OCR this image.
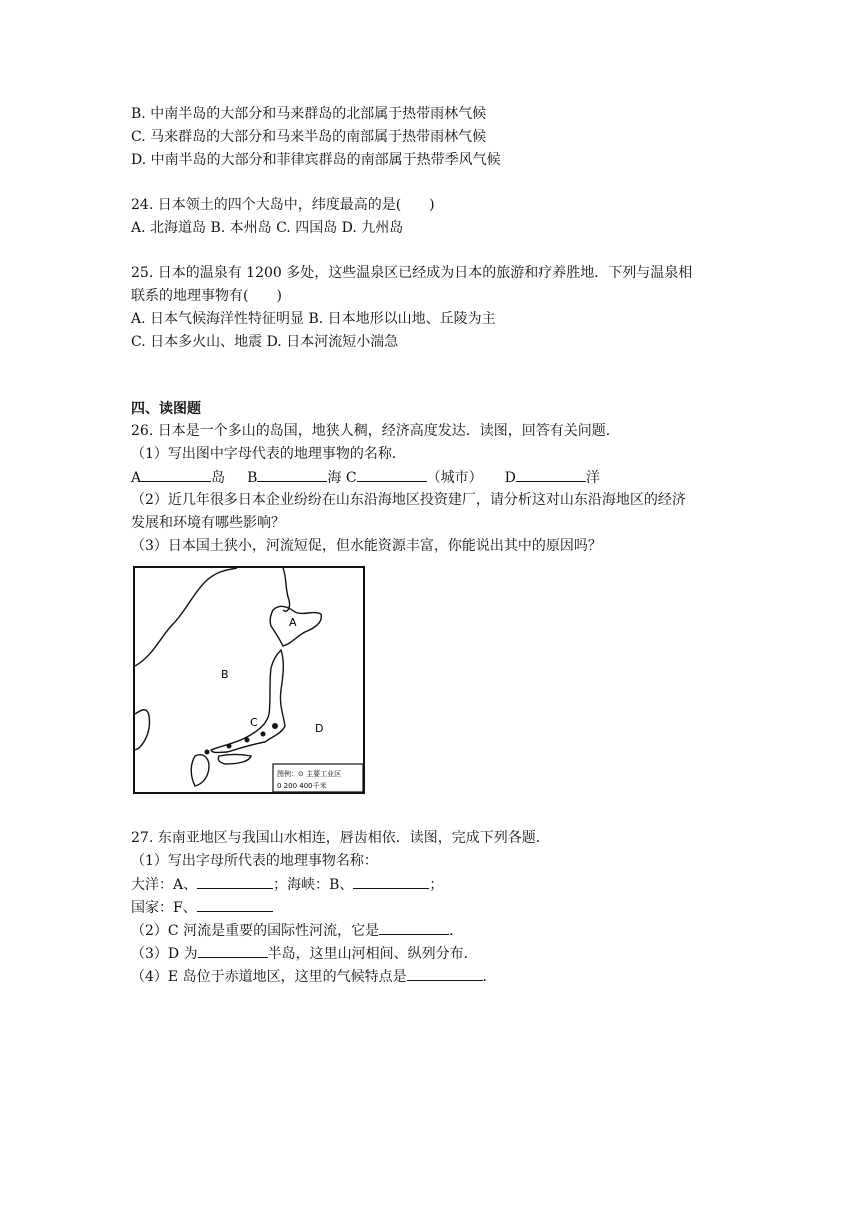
B. 中南半岛的大部分和马来群岛的北部属于热带雨林气候
C. 马来群岛的大部分和马来半岛的南部属于热带雨林气候
D. 中南半岛的大部分和菲律宾群岛的南部属于热带季风气候
24. 日本领土的四个大岛中，纬度最高的是(　　)
A. 北海道岛 B. 本州岛 C. 四国岛 D. 九州岛
25. 日本的温泉有 1200 多处，这些温泉区已经成为日本的旅游和疗养胜地．下列与温泉相
联系的地理事物有(　　)
A. 日本气候海洋性特征明显 B. 日本地形以山地、丘陵为主
C. 日本多火山、地震 D. 日本河流短小湍急
四、读图题
26. 日本是一个多山的岛国，地狭人稠，经济高度发达．读图，回答有关问题．
（1）写出图中字母代表的地理事物的名称．
A	岛 B	海 C	（城市） D	洋
（2）近几年很多日本企业纷纷在山东沿海地区投资建厂，请分析这对山东沿海地区的经济
发展和环境有哪些影响？
（3）日本国土狭小，河流短促，但水能资源丰富，你能说出其中的原因吗？
A
B
C	D
图例：⊙ 主要工业区
0 200 400千米
27. 东南亚地区与我国山水相连，唇齿相依．读图，完成下列各题．
（1）写出字母所代表的地理事物名称：
大洋：A、	；海峡：B、	；
国家：F、
（2）C 河流是重要的国际性河流，它是	．
（3）D 为	半岛，这里山河相间、纵列分布．
（4）E 岛位于赤道地区，这里的气候特点是	．
